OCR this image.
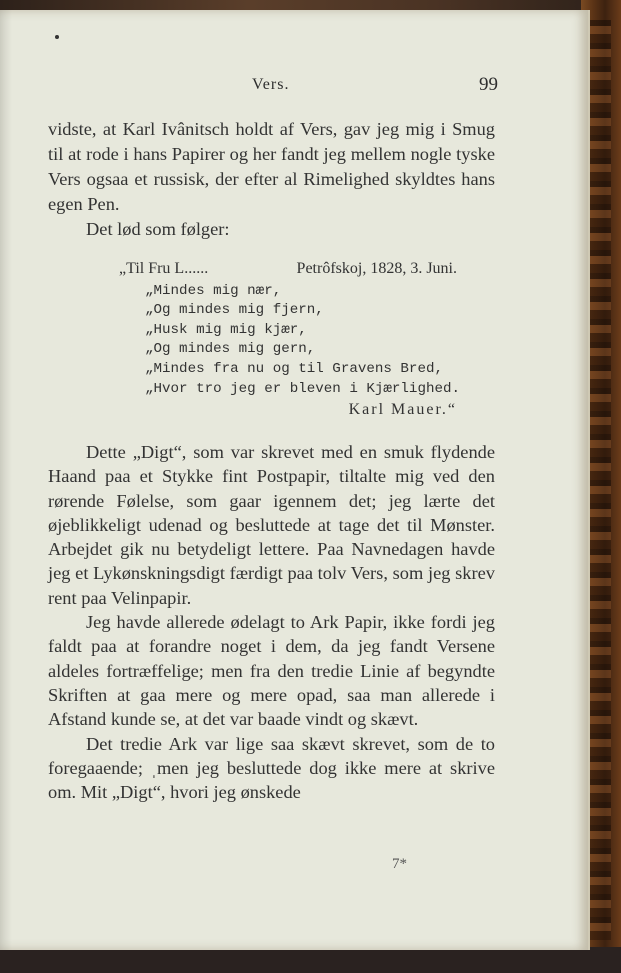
Vers.	99

vidste, at Karl Ivânitsch holdt af Vers, gav jeg mig i Smug til at rode i hans Papirer og her fandt jeg mellem nogle tyske Vers ogsaa et russisk, der efter al Rimelighed skyldtes hans egen Pen.

Det lød som følger:

„Til Fru L......	Petrôfskoj, 1828, 3. Juni.
„Mindes mig nær,
„Og mindes mig fjern,
„Husk mig mig kjær,
„Og mindes mig gern,
„Mindes fra nu og til Gravens Bred,
„Hvor tro jeg er bleven i Kjærlighed.
Karl Mauer.“

Dette „Digt“, som var skrevet med en smuk flydende Haand paa et Stykke fint Postpapir, tiltalte mig ved den rørende Følelse, som gaar igennem det; jeg lærte det øjeblikkeligt udenad og besluttede at tage det til Mønster. Arbejdet gik nu betydeligt lettere. Paa Navnedagen havde jeg et Lykønskningsdigt færdigt paa tolv Vers, som jeg skrev rent paa Velinpapir.

Jeg havde allerede ødelagt to Ark Papir, ikke fordi jeg faldt paa at forandre noget i dem, da jeg fandt Versene aldeles fortræffelige; men fra den tredie Linie af begyndte Skriften at gaa mere og mere opad, saa man allerede i Afstand kunde se, at det var baade vindt og skævt.

Det tredie Ark var lige saa skævt skrevet, som de to foregaaende; ˌmen jeg besluttede dog ikke mere at skrive om. Mit „Digt“, hvori jeg ønskede

7*
